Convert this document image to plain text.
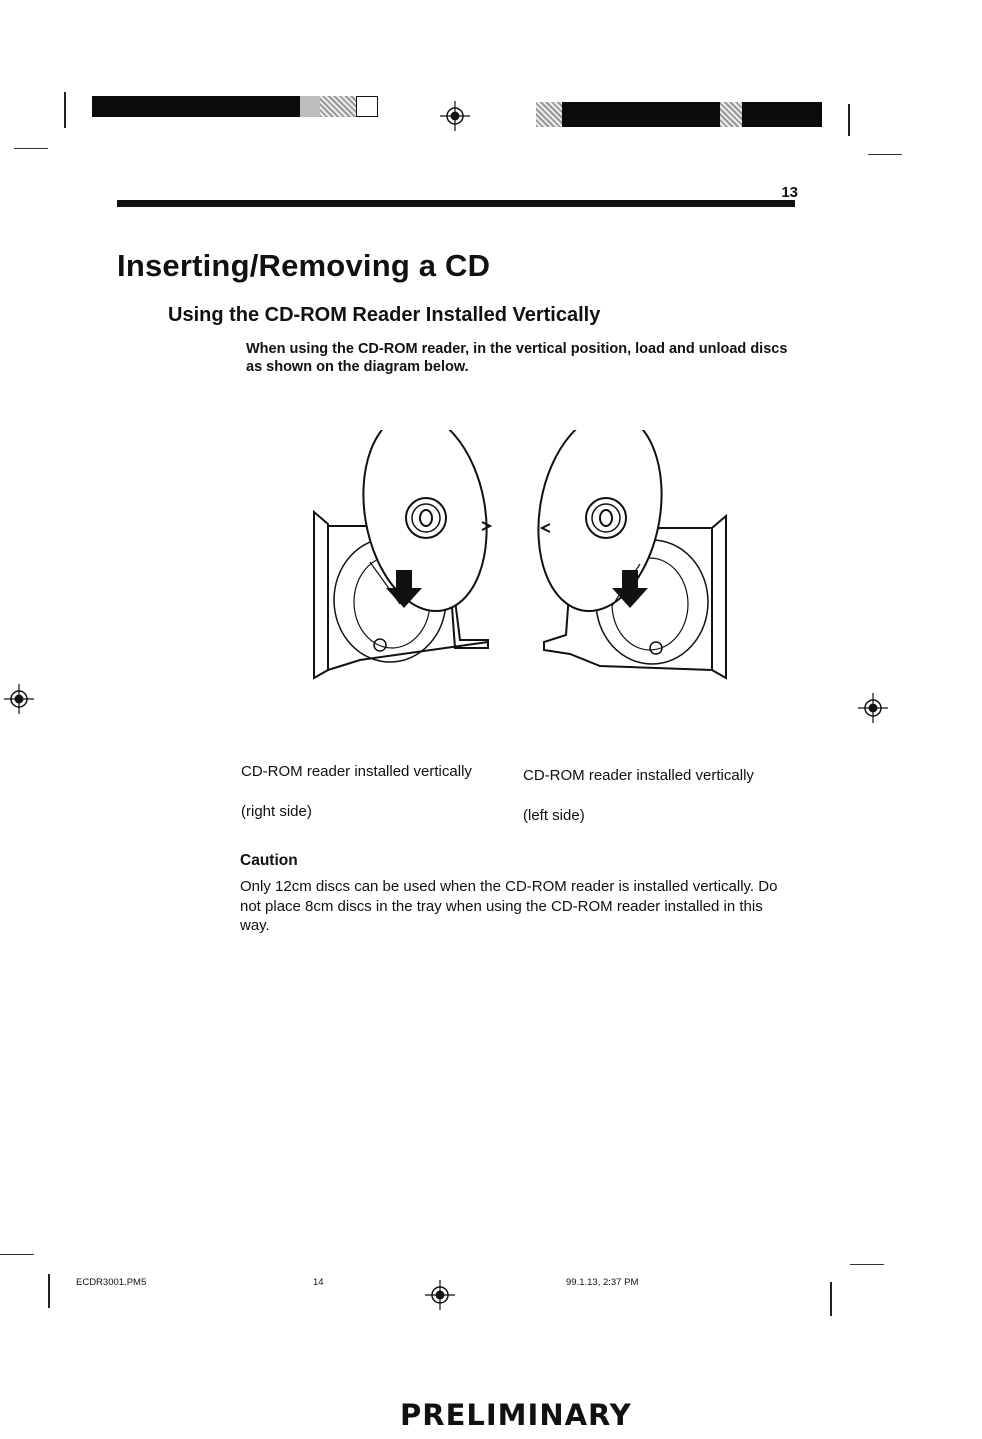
13
Inserting/Removing a CD
Using the CD-ROM Reader Installed Vertically

When using the CD-ROM reader, in the vertical position, load and unload discs as shown on the diagram below.

CD-ROM reader installed vertically

(right side)

CD-ROM reader installed vertically

(left side)

Caution

Only 12cm discs can be used when the CD-ROM reader is installed vertically. Do not place 8cm discs in the tray when using the CD-ROM reader installed in this way.

ECDR3001.PM5	14	99.1.13, 2:37 PM
PRELIMINARY
